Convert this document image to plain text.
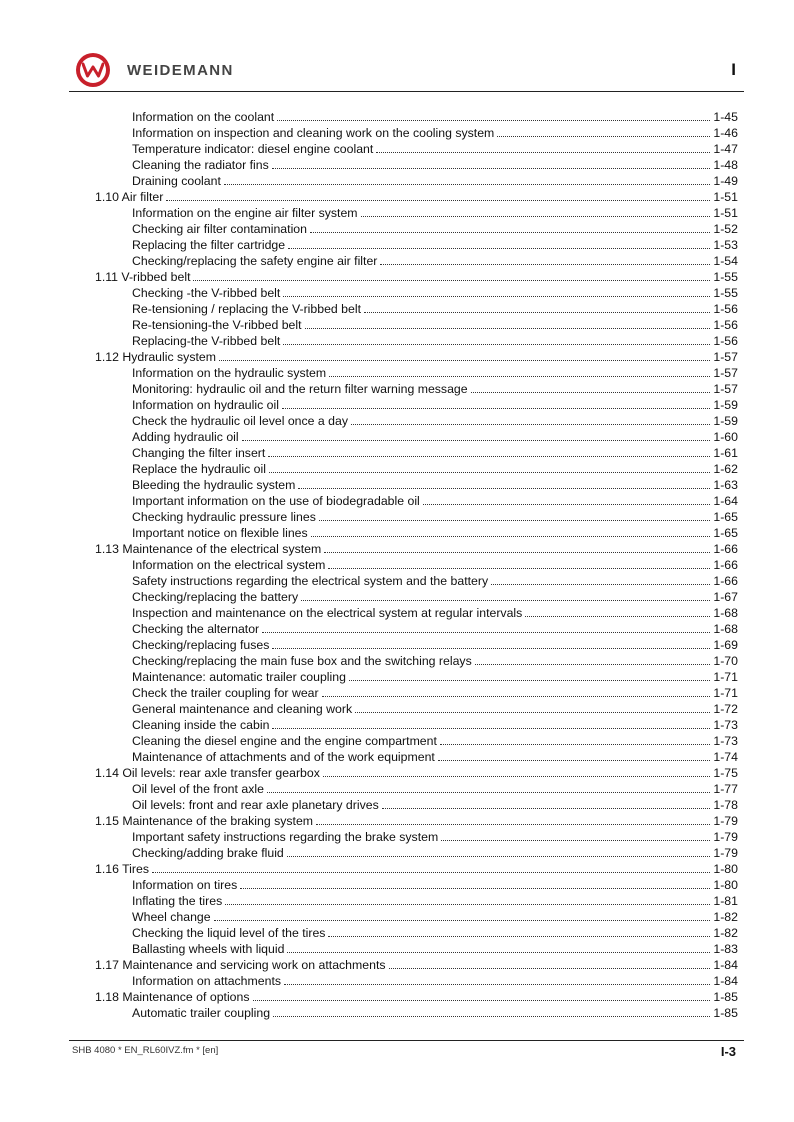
WEIDEMANN	I
Information on the coolant	1-45
Information on inspection and cleaning work on the cooling system	1-46
Temperature indicator: diesel engine coolant	1-47
Cleaning the radiator fins	1-48
Draining coolant	1-49
1.10 Air filter	1-51
Information on the engine air filter system	1-51
Checking air filter contamination	1-52
Replacing the filter cartridge	1-53
Checking/replacing the safety engine air filter	1-54
1.11 V-ribbed belt	1-55
Checking -the V-ribbed belt	1-55
Re-tensioning / replacing the V-ribbed belt	1-56
Re-tensioning-the V-ribbed belt	1-56
Replacing-the V-ribbed belt	1-56
1.12 Hydraulic system	1-57
Information on the hydraulic system	1-57
Monitoring: hydraulic oil and the return filter warning message	1-57
Information on hydraulic oil	1-59
Check the hydraulic oil level once a day	1-59
Adding hydraulic oil	1-60
Changing the filter insert	1-61
Replace the hydraulic oil	1-62
Bleeding the hydraulic system	1-63
Important information on the use of biodegradable oil	1-64
Checking hydraulic pressure lines	1-65
Important notice on flexible lines	1-65
1.13 Maintenance of the electrical system	1-66
Information on the electrical system	1-66
Safety instructions regarding the electrical system and the battery	1-66
Checking/replacing the battery	1-67
Inspection and maintenance on the electrical system at regular intervals	1-68
Checking the alternator	1-68
Checking/replacing fuses	1-69
Checking/replacing the main fuse box and the switching relays	1-70
Maintenance: automatic trailer coupling	1-71
Check the trailer coupling for wear	1-71
General maintenance and cleaning work	1-72
Cleaning inside the cabin	1-73
Cleaning the diesel engine and the engine compartment	1-73
Maintenance of attachments and of the work equipment	1-74
1.14 Oil levels: rear axle transfer gearbox	1-75
Oil level of the front axle	1-77
Oil levels: front and rear axle planetary drives	1-78
1.15 Maintenance of the braking system	1-79
Important safety instructions regarding the brake system	1-79
Checking/adding brake fluid	1-79
1.16 Tires	1-80
Information on tires	1-80
Inflating the tires	1-81
Wheel change	1-82
Checking the liquid level of the tires	1-82
Ballasting wheels with liquid	1-83
1.17 Maintenance and servicing work on attachments	1-84
Information on attachments	1-84
1.18 Maintenance of options	1-85
Automatic trailer coupling	1-85
SHB 4080 * EN_RL60IVZ.fm * [en]	I-3
